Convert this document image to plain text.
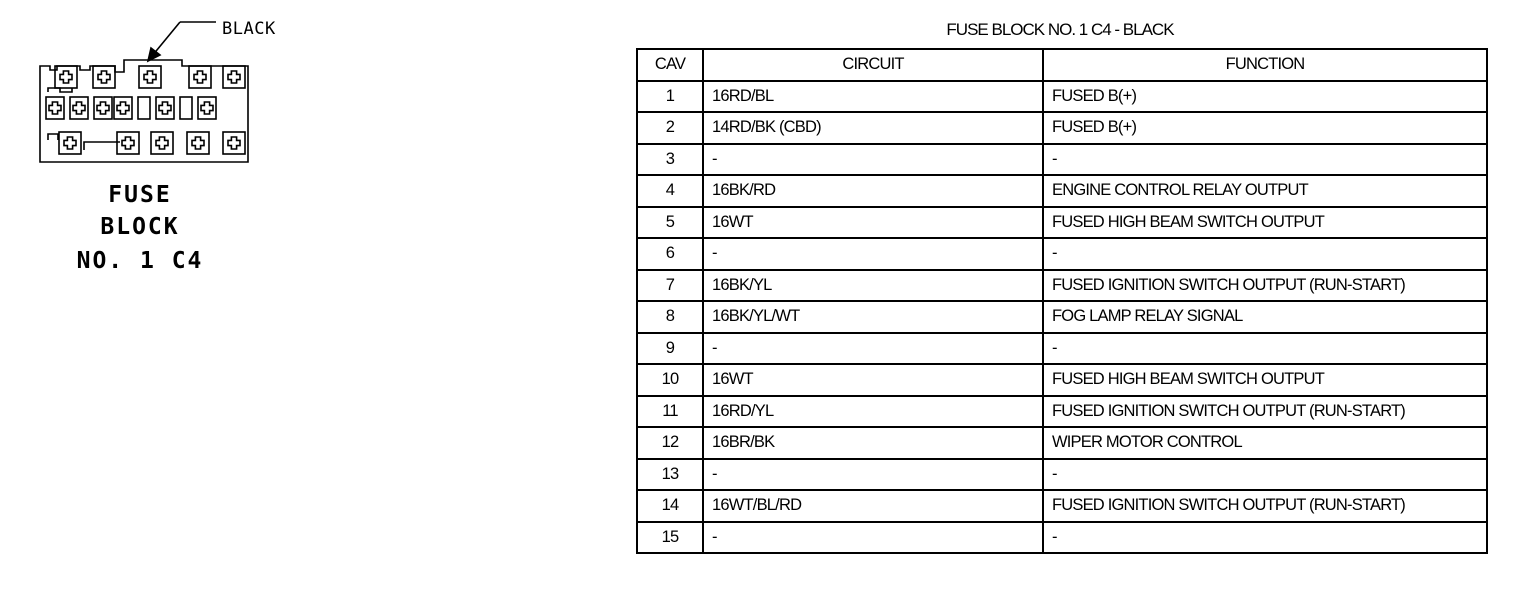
BLACK
FUSE
BLOCK
NO. 1 C4
FUSE BLOCK NO. 1 C4 - BLACK
CAV	CIRCUIT	FUNCTION
1	16RD/BL	FUSED B(+)
2	14RD/BK (CBD)	FUSED B(+)
3	-	-
4	16BK/RD	ENGINE CONTROL RELAY OUTPUT
5	16WT	FUSED HIGH BEAM SWITCH OUTPUT
6	-	-
7	16BK/YL	FUSED IGNITION SWITCH OUTPUT (RUN-START)
8	16BK/YL/WT	FOG LAMP RELAY SIGNAL
9	-	-
10	16WT	FUSED HIGH BEAM SWITCH OUTPUT
11	16RD/YL	FUSED IGNITION SWITCH OUTPUT (RUN-START)
12	16BR/BK	WIPER MOTOR CONTROL
13	-	-
14	16WT/BL/RD	FUSED IGNITION SWITCH OUTPUT (RUN-START)
15	-	-
